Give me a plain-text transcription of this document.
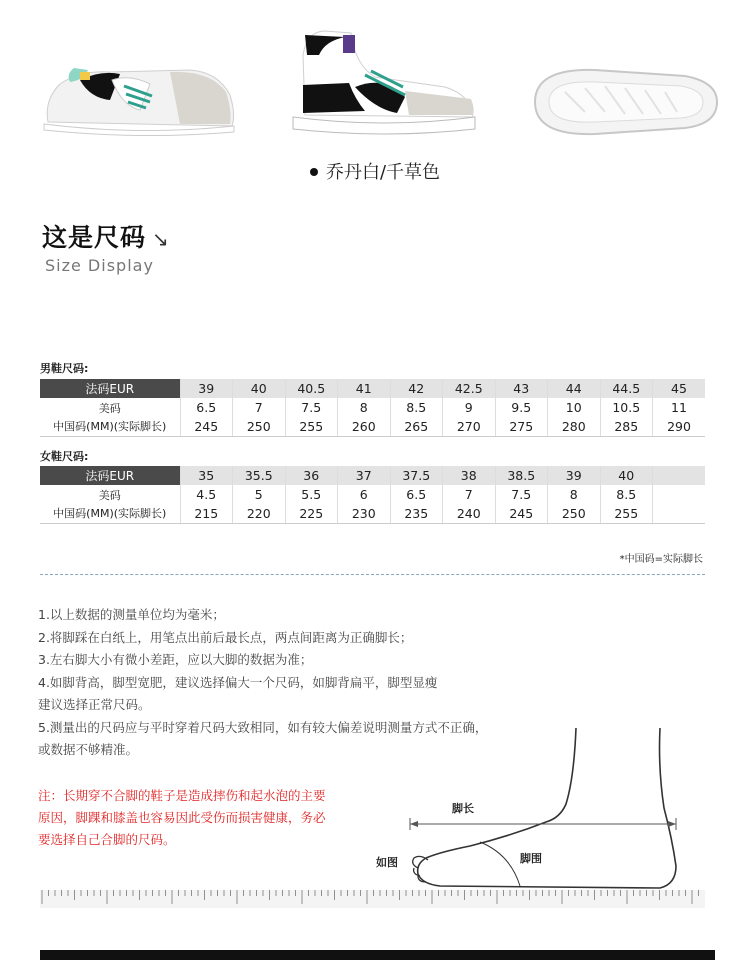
乔丹白/千草色
这是尺码 ↘
Size Display
男鞋尺码:
法码EUR	39	40	40.5	41	42	42.5	43	44	44.5	45
美码	6.5	7	7.5	8	8.5	9	9.5	10	10.5	11
中国码(MM)(实际脚长)	245	250	255	260	265	270	275	280	285	290
女鞋尺码:
法码EUR	35	35.5	36	37	37.5	38	38.5	39	40	
美码	4.5	5	5.5	6	6.5	7	7.5	8	8.5	
中国码(MM)(实际脚长)	215	220	225	230	235	240	245	250	255	
*中国码=实际脚长
1.以上数据的测量单位均为毫米；
2.将脚踩在白纸上，用笔点出前后最长点，两点间距离为正确脚长；
3.左右脚大小有微小差距，应以大脚的数据为准；
4.如脚背高，脚型宽肥，建议选择偏大一个尺码，如脚背扁平，脚型显瘦
建议选择正常尺码。
5.测量出的尺码应与平时穿着尺码大致相同，如有较大偏差说明测量方式不正确，
或数据不够精准。
注：长期穿不合脚的鞋子是造成摔伤和起水泡的主要
原因，脚踝和膝盖也容易因此受伤而损害健康，务必
要选择自己合脚的尺码。
脚长
脚围
如图
